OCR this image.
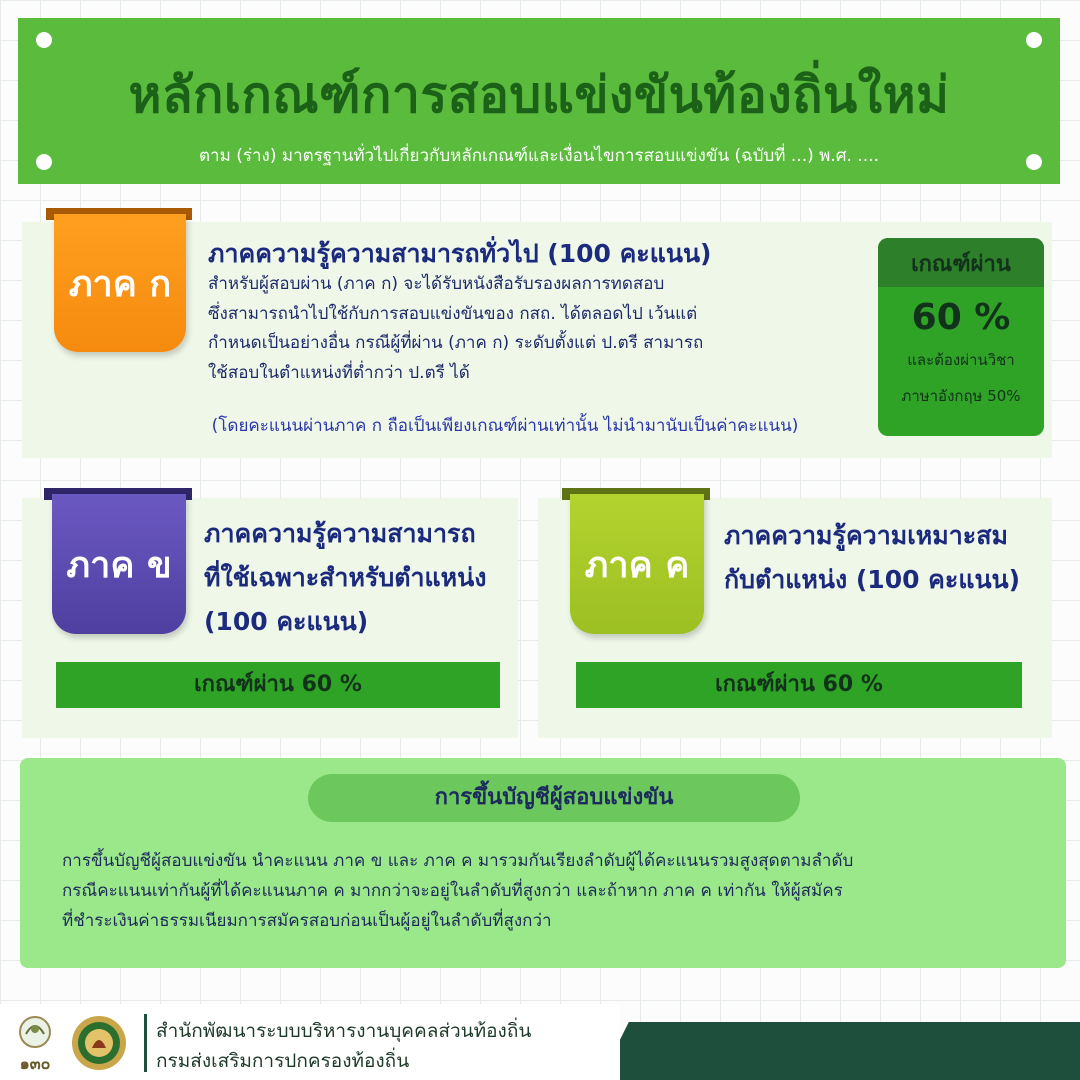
หลักเกณฑ์การสอบแข่งขันท้องถิ่นใหม่
ตาม (ร่าง) มาตรฐานทั่วไปเกี่ยวกับหลักเกณฑ์และเงื่อนไขการสอบแข่งขัน (ฉบับที่ ...) พ.ศ. ....
ภาค ก
ภาคความรู้ความสามารถทั่วไป (100 คะแนน)
สำหรับผู้สอบผ่าน (ภาค ก) จะได้รับหนังสือรับรองผลการทดสอบ
ซึ่งสามารถนำไปใช้กับการสอบแข่งขันของ กสถ. ได้ตลอดไป เว้นแต่
กำหนดเป็นอย่างอื่น กรณีผู้ที่ผ่าน (ภาค ก) ระดับตั้งแต่ ป.ตรี สามารถ
ใช้สอบในตำแหน่งที่ต่ำกว่า ป.ตรี ได้
(โดยคะแนนผ่านภาค ก ถือเป็นเพียงเกณฑ์ผ่านเท่านั้น ไม่นำมานับเป็นค่าคะแนน)
เกณฑ์ผ่าน
60 %
และต้องผ่านวิชา
ภาษาอังกฤษ 50%
ภาค ข
ภาคความรู้ความสามารถ
ที่ใช้เฉพาะสำหรับตำแหน่ง
(100 คะแนน)
เกณฑ์ผ่าน 60 %
ภาค ค
ภาคความรู้ความเหมาะสม
กับตำแหน่ง (100 คะแนน)
เกณฑ์ผ่าน 60 %
การขึ้นบัญชีผู้สอบแข่งขัน
การขึ้นบัญชีผู้สอบแข่งขัน นำคะแนน ภาค ข และ ภาค ค มารวมกันเรียงลำดับผู้ได้คะแนนรวมสูงสุดตามลำดับ
กรณีคะแนนเท่ากันผู้ที่ได้คะแนนภาค ค มากกว่าจะอยู่ในลำดับที่สูงกว่า และถ้าหาก ภาค ค เท่ากัน ให้ผู้สมัคร
ที่ชำระเงินค่าธรรมเนียมการสมัครสอบก่อนเป็นผู้อยู่ในลำดับที่สูงกว่า
๑๓๐
สำนักพัฒนาระบบบริหารงานบุคคลส่วนท้องถิ่น
กรมส่งเสริมการปกครองท้องถิ่น
